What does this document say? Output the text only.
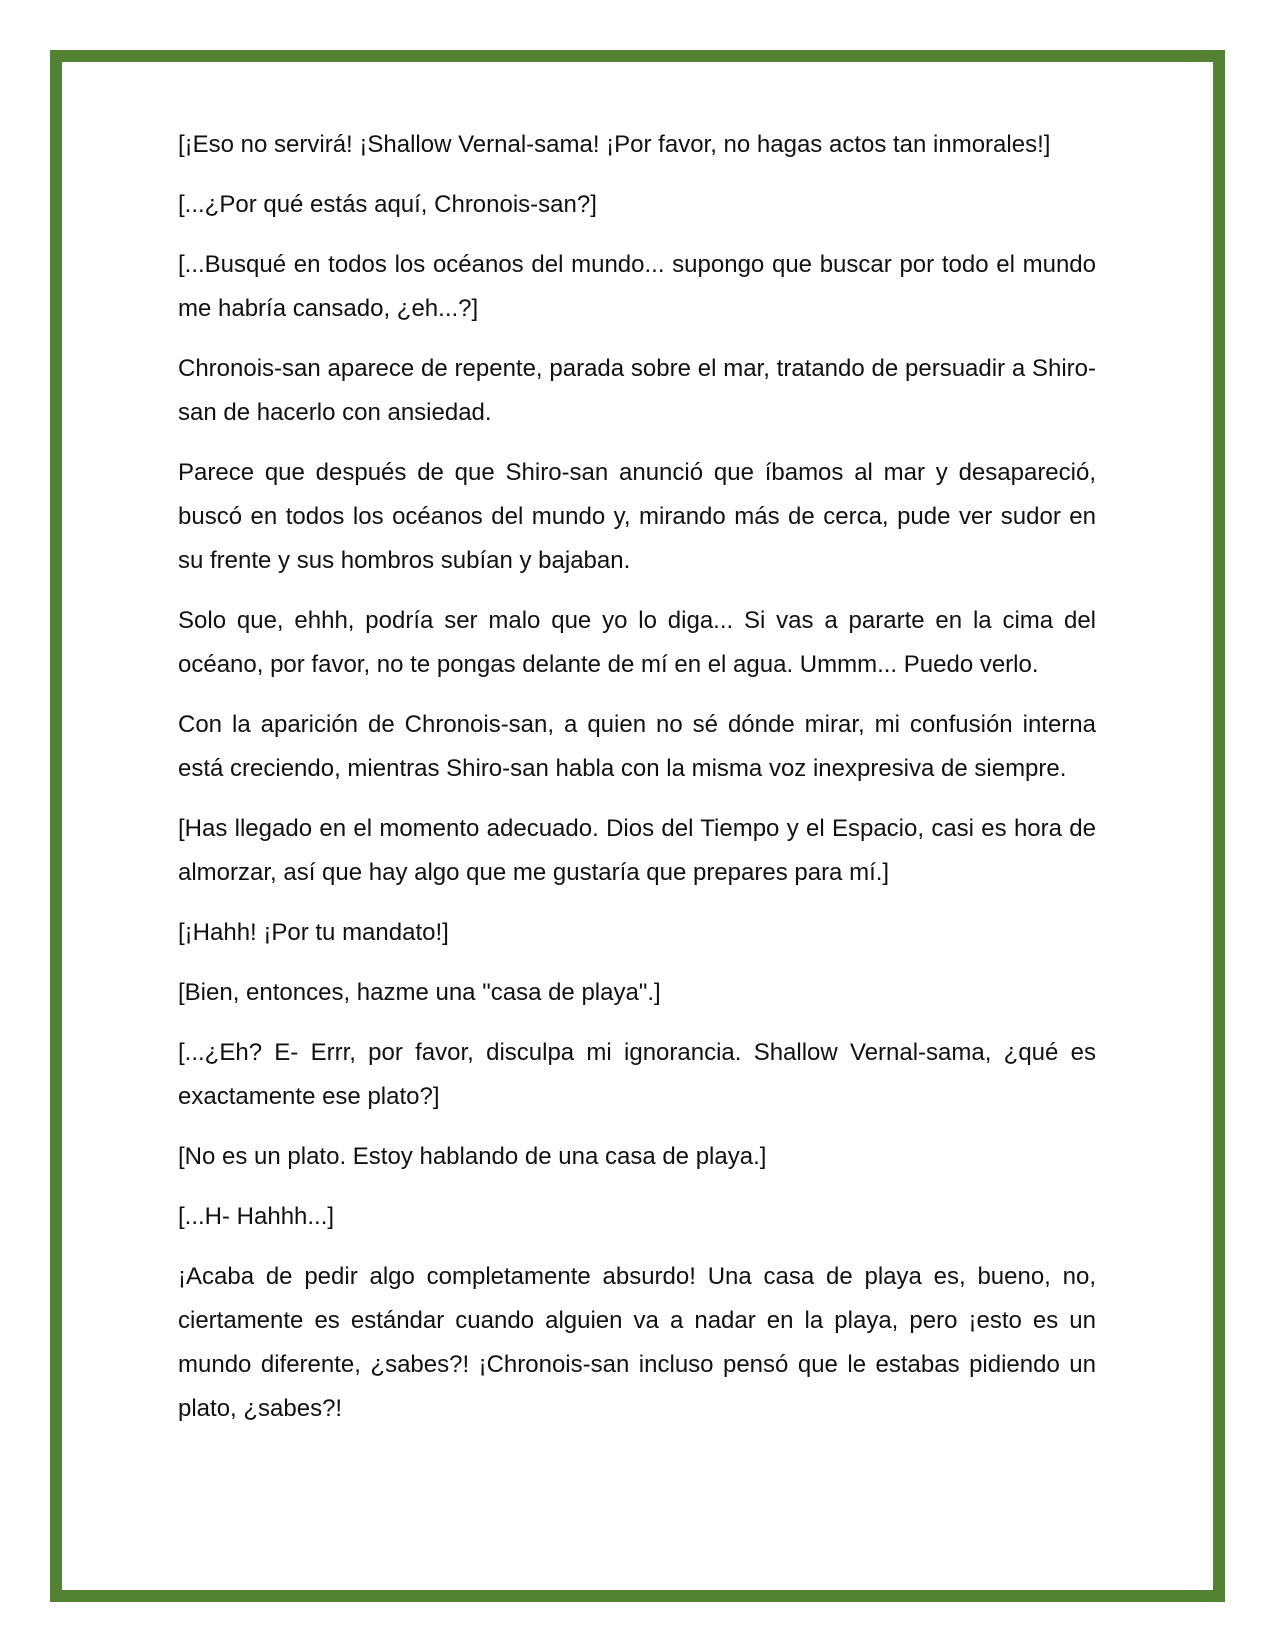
[¡Eso no servirá! ¡Shallow Vernal-sama! ¡Por favor, no hagas actos tan inmorales!]

[...¿Por qué estás aquí, Chronois-san?]

[...Busqué en todos los océanos del mundo... supongo que buscar por todo el mundo me habría cansado, ¿eh...?]

Chronois-san aparece de repente, parada sobre el mar, tratando de persuadir a Shiro-san de hacerlo con ansiedad.

Parece que después de que Shiro-san anunció que íbamos al mar y desapareció, buscó en todos los océanos del mundo y, mirando más de cerca, pude ver sudor en su frente y sus hombros subían y bajaban.

Solo que, ehhh, podría ser malo que yo lo diga... Si vas a pararte en la cima del océano, por favor, no te pongas delante de mí en el agua. Ummm... Puedo verlo.

Con la aparición de Chronois-san, a quien no sé dónde mirar, mi confusión interna está creciendo, mientras Shiro-san habla con la misma voz inexpresiva de siempre.

[Has llegado en el momento adecuado. Dios del Tiempo y el Espacio, casi es hora de almorzar, así que hay algo que me gustaría que prepares para mí.]

[¡Hahh! ¡Por tu mandato!]

[Bien, entonces, hazme una "casa de playa".]

[...¿Eh? E- Errr, por favor, disculpa mi ignorancia. Shallow Vernal-sama, ¿qué es exactamente ese plato?]

[No es un plato. Estoy hablando de una casa de playa.]

[...H- Hahhh...]

¡Acaba de pedir algo completamente absurdo! Una casa de playa es, bueno, no, ciertamente es estándar cuando alguien va a nadar en la playa, pero ¡esto es un mundo diferente, ¿sabes?! ¡Chronois-san incluso pensó que le estabas pidiendo un plato, ¿sabes?!
